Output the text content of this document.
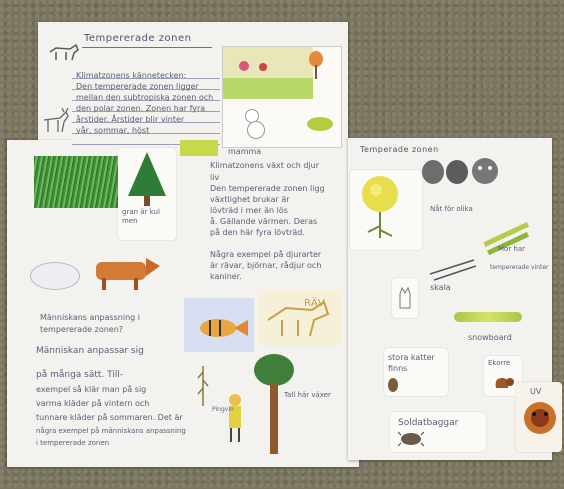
Tempererade zonen
Klimatzonens kännetecken:
Den tempererade zonen ligger
mellan den subtropiska zonen och
den polar zonen. Zonen har fyra
årstider. Årstider blir vinter
vår, sommar, höst
mamma
gran är kul men
Temperade zonen
Klimatzonens växt och djur
liv
Den tempererade zonen ligg
växtlighet brukar är
lövträd i mer än lös
å. Gällande värmen. Deras
på den här fyra lövträd.
Några exempel på djurarter
är rävar, björnar, rådjur och
kaniner.
Nåt för olika
Mor har
tempererade vinter
Människans anpassning i
tempererade zonen?
Människan anpassar sig
på många sätt. Till-
exempel så klär man på sig
varma kläder på vintern och
tunnare kläder på sommaren. Det är
några exempel på människans anpassning
i tempererade zonen
RÄV
skala
snowboard
stora katter finns
Ekorre
UV
Soldatbaggar
Tall här växer
Pingvin
